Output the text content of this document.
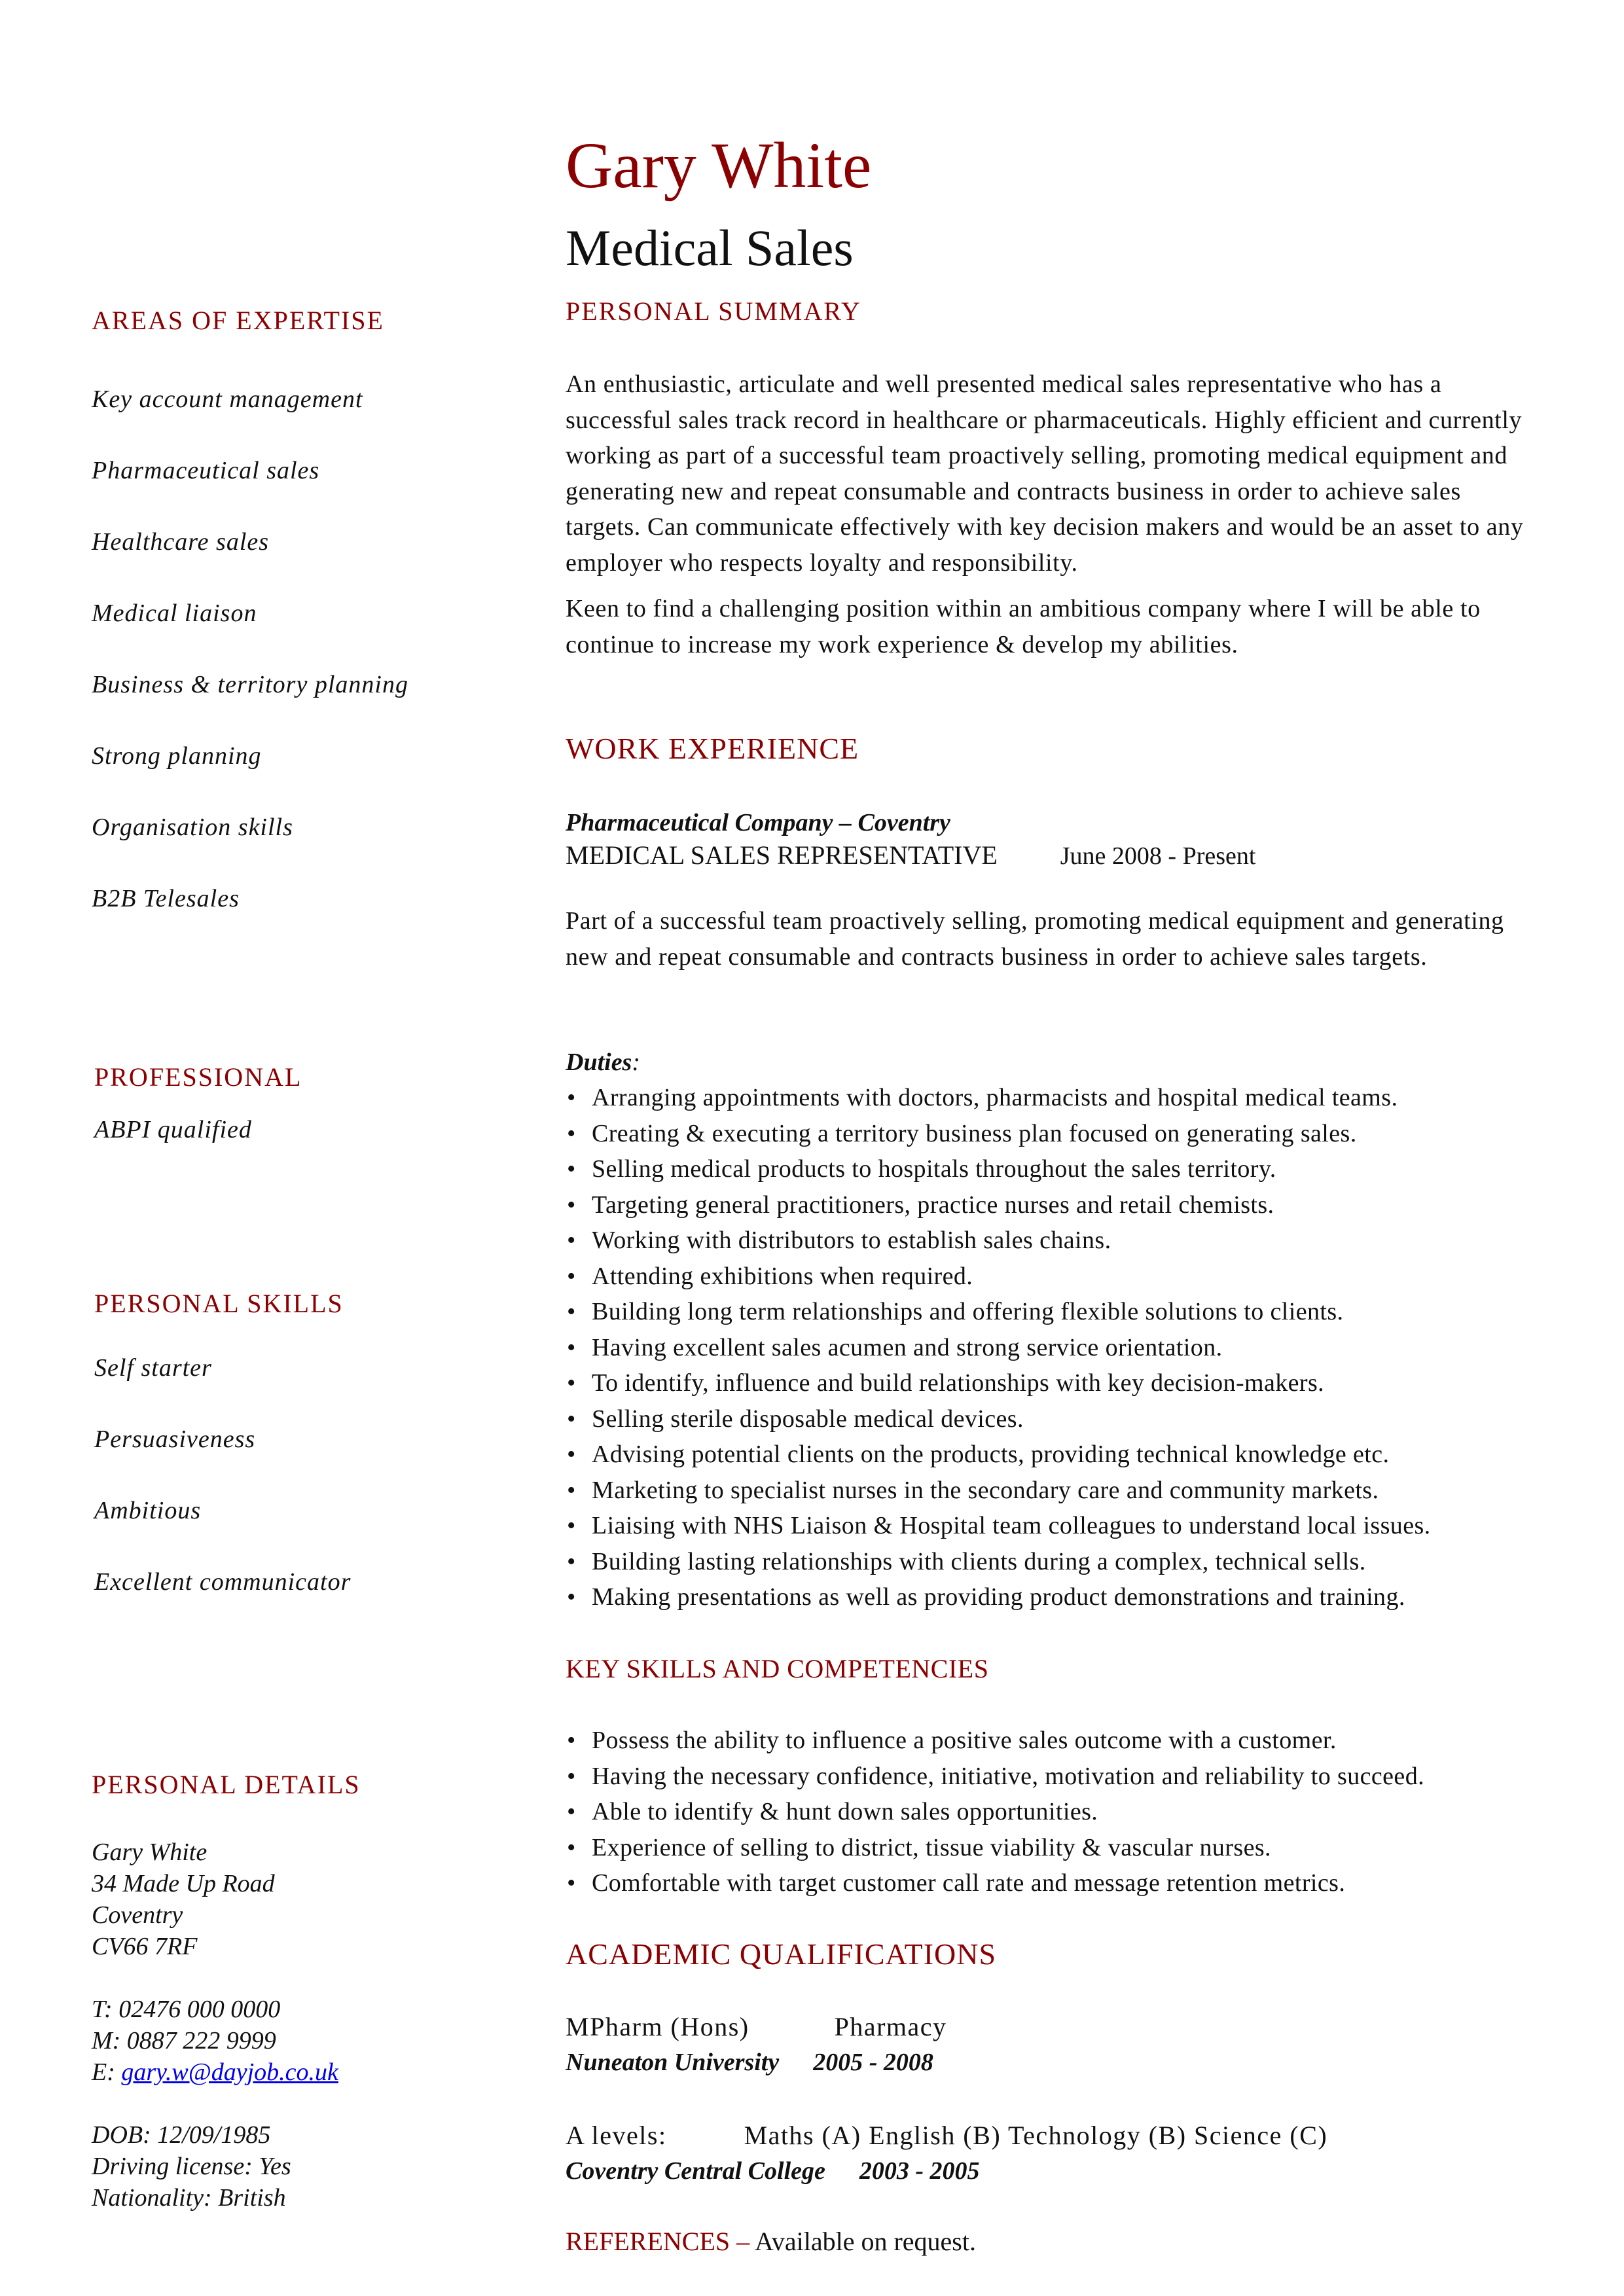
Gary White
Medical Sales
AREAS OF EXPERTISE
Key account management
Pharmaceutical sales
Healthcare sales
Medical liaison
Business & territory planning
Strong planning
Organisation skills
B2B Telesales
PROFESSIONAL
ABPI qualified
PERSONAL SKILLS
Self starter
Persuasiveness
Ambitious
Excellent communicator
PERSONAL DETAILS
Gary White
34 Made Up Road
Coventry
CV66 7RF
T: 02476 000 0000
M: 0887 222 9999
E: gary.w@dayjob.co.uk
DOB: 12/09/1985
Driving license: Yes
Nationality: British
PERSONAL SUMMARY
An enthusiastic, articulate and well presented medical sales representative who has a successful sales track record in healthcare or pharmaceuticals. Highly efficient and currently working as part of a successful team proactively selling, promoting medical equipment and generating new and repeat consumable and contracts business in order to achieve sales targets. Can communicate effectively with key decision makers and would be an asset to any employer who respects loyalty and responsibility.
Keen to find a challenging position within an ambitious company where I will be able to continue to increase my work experience & develop my abilities.
WORK EXPERIENCE
Pharmaceutical Company – Coventry
MEDICAL SALES REPRESENTATIVE	June 2008 - Present
Part of a successful team proactively selling, promoting medical equipment and generating new and repeat consumable and contracts business in order to achieve sales targets.
Duties:
• Arranging appointments with doctors, pharmacists and hospital medical teams.
• Creating & executing a territory business plan focused on generating sales.
• Selling medical products to hospitals throughout the sales territory.
• Targeting general practitioners, practice nurses and retail chemists.
• Working with distributors to establish sales chains.
• Attending exhibitions when required.
• Building long term relationships and offering flexible solutions to clients.
• Having excellent sales acumen and strong service orientation.
• To identify, influence and build relationships with key decision-makers.
• Selling sterile disposable medical devices.
• Advising potential clients on the products, providing technical knowledge etc.
• Marketing to specialist nurses in the secondary care and community markets.
• Liaising with NHS Liaison & Hospital team colleagues to understand local issues.
• Building lasting relationships with clients during a complex, technical sells.
• Making presentations as well as providing product demonstrations and training.
KEY SKILLS AND COMPETENCIES
• Possess the ability to influence a positive sales outcome with a customer.
• Having the necessary confidence, initiative, motivation and reliability to succeed.
• Able to identify & hunt down sales opportunities.
• Experience of selling to district, tissue viability & vascular nurses.
• Comfortable with target customer call rate and message retention metrics.
ACADEMIC QUALIFICATIONS
MPharm (Hons)	Pharmacy
Nuneaton University 2005 - 2008
A levels:	Maths (A) English (B) Technology (B) Science (C)
Coventry Central College 2003 - 2005
REFERENCES – Available on request.
